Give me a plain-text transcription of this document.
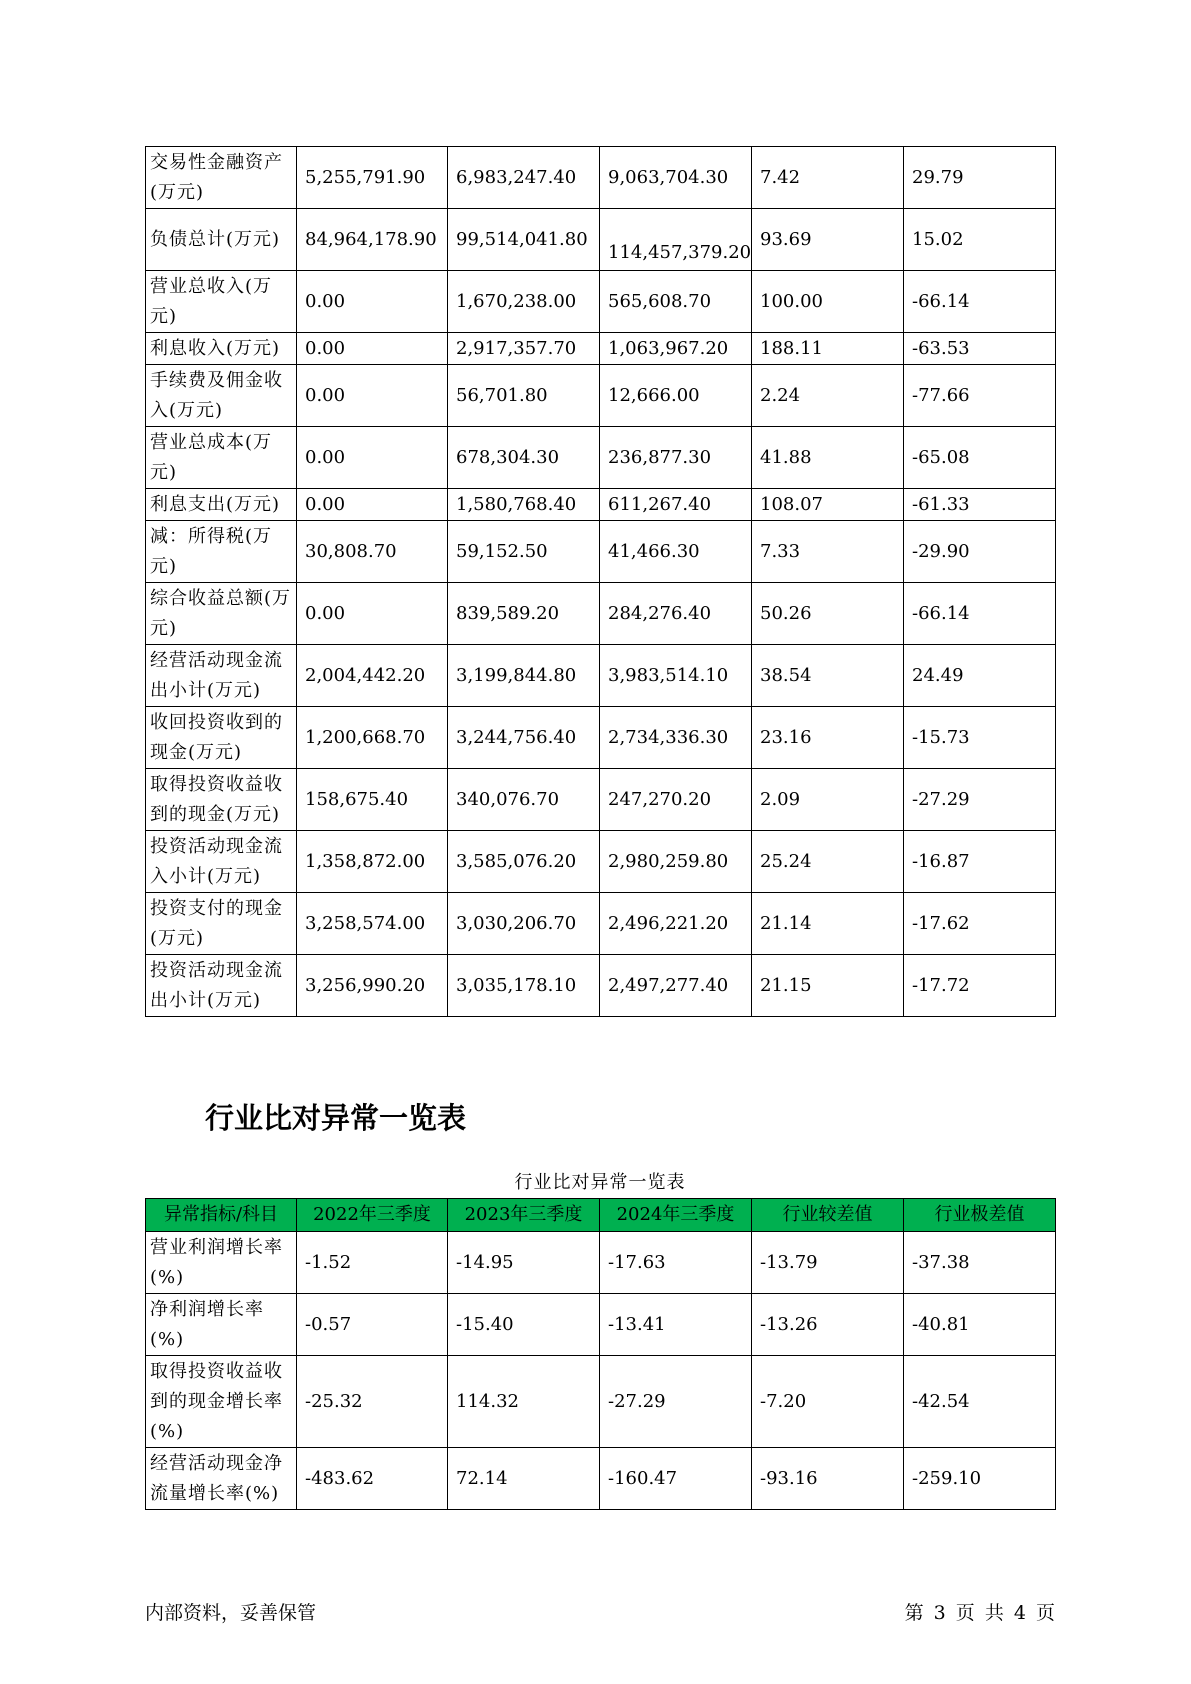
交易性金融资产(万元)	5,255,791.90	6,983,247.40	9,063,704.30	7.42	29.79
负债总计(万元)	84,964,178.90	99,514,041.80	114,457,379.20	93.69	15.02
营业总收入(万元)	0.00	1,670,238.00	565,608.70	100.00	-66.14
利息收入(万元)	0.00	2,917,357.70	1,063,967.20	188.11	-63.53
手续费及佣金收入(万元)	0.00	56,701.80	12,666.00	2.24	-77.66
营业总成本(万元)	0.00	678,304.30	236,877.30	41.88	-65.08
利息支出(万元)	0.00	1,580,768.40	611,267.40	108.07	-61.33
减：所得税(万元)	30,808.70	59,152.50	41,466.30	7.33	-29.90
综合收益总额(万元)	0.00	839,589.20	284,276.40	50.26	-66.14
经营活动现金流出小计(万元)	2,004,442.20	3,199,844.80	3,983,514.10	38.54	24.49
收回投资收到的现金(万元)	1,200,668.70	3,244,756.40	2,734,336.30	23.16	-15.73
取得投资收益收到的现金(万元)	158,675.40	340,076.70	247,270.20	2.09	-27.29
投资活动现金流入小计(万元)	1,358,872.00	3,585,076.20	2,980,259.80	25.24	-16.87
投资支付的现金(万元)	3,258,574.00	3,030,206.70	2,496,221.20	21.14	-17.62
投资活动现金流出小计(万元)	3,256,990.20	3,035,178.10	2,497,277.40	21.15	-17.72
行业比对异常一览表
行业比对异常一览表
异常指标/科目	2022年三季度	2023年三季度	2024年三季度	行业较差值	行业极差值
营业利润增长率(%)	-1.52	-14.95	-17.63	-13.79	-37.38
净利润增长率(%)	-0.57	-15.40	-13.41	-13.26	-40.81
取得投资收益收到的现金增长率(%)	-25.32	114.32	-27.29	-7.20	-42.54
经营活动现金净流量增长率(%)	-483.62	72.14	-160.47	-93.16	-259.10
内部资料，妥善保管	第 3 页 共 4 页
